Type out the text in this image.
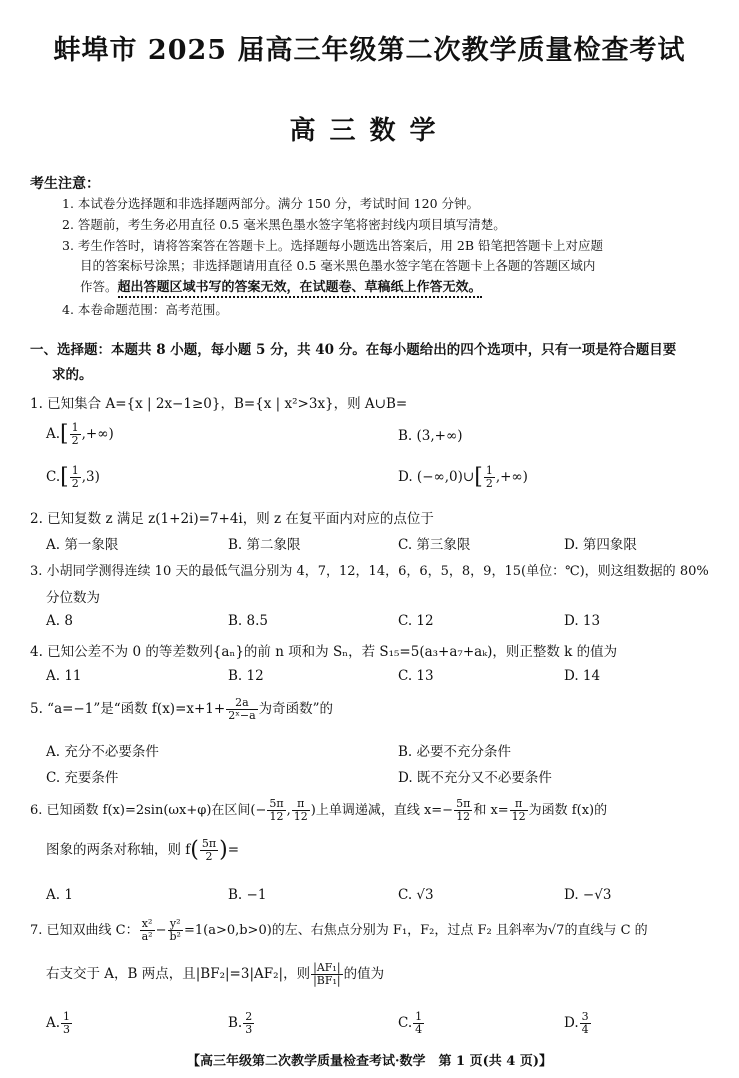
蚌埠市 2025 届高三年级第二次教学质量检查考试
高三数学
考生注意：
1. 本试卷分选择题和非选择题两部分。满分 150 分，考试时间 120 分钟。
2. 答题前，考生务必用直径 0.5 毫米黑色墨水签字笔将密封线内项目填写清楚。
3. 考生作答时，请将答案答在答题卡上。选择题每小题选出答案后，用 2B 铅笔把答题卡上对应题
目的答案标号涂黑；非选择题请用直径 0.5 毫米黑色墨水签字笔在答题卡上各题的答题区域内
作答。超出答题区域书写的答案无效，在试题卷、草稿纸上作答无效。
4. 本卷命题范围：高考范围。
一、选择题：本题共 8 小题，每小题 5 分，共 40 分。在每小题给出的四个选项中，只有一项是符合题目要
求的。
1. 已知集合 A={x | 2x−1≥0}，B={x | x²>3x}，则 A∪B=
$A.[ \frac{1}{2}$ ,+∞)	B. (3,+∞)
$C.[ \frac{1}{2} ,3)$	D. (−∞,0)∪[ $\frac{1}{2}$ ,+∞)
2. 已知复数 z 满足 z(1+2i)=7+4i，则 z 在复平面内对应的点位于
A. 第一象限	B. 第二象限	C. 第三象限	D. 第四象限
3. 小胡同学测得连续 10 天的最低气温分别为 4，7，12，14，6，6，5，8，9，15(单位：℃)，则这组数据的 80%
分位数为
A. 8	B. 8.5	C. 12	D. 13
4. 已知公差不为 0 的等差数列{aₙ}的前 n 项和为 Sₙ，若 S₁₅=5(a₃+a₇+aₖ)，则正整数 k 的值为
A. 11	B. 12	C. 13	D. 14
5. “a=−1”是“函数 $f(x)=x+1+ \frac{2a}{\text{2ˣ−a}}$ 为奇函数”的
A. 充分不必要条件	B. 必要不充分条件
C. 充要条件	D. 既不充分又不必要条件
6. 已知函数 f(x)=2sin(ωx+φ)在区间(− $\frac{5\pi}{12}$ , $\frac{\pi}{12}$ )上单调递减，直线 $x=- \frac{5\pi}{12}$ 和 $x= \frac{\pi}{12}$ 为函数 f(x)的
图象的两条对称轴，则 $f( \frac{5\pi}{2}$ )=
A. 1	B. −1	C. √3	D. −√3
7. 已知双曲线 C： $\frac{\text{x²}}{\text{a²}} - \frac{\text{y²}}{\text{b²}} =1(a>0,b>0)$的左、右焦点分别为 F₁，F₂，过点 F₂ 且斜率为√7的直线与 C 的
右支交于 A，B 两点，且|BF₂|=3|AF₂|，则 $\frac{\text{|AF₁|}}{\text{|BF₁|}}$ 的值为
A. $\frac{1}{3}$	B. $\frac{2}{3}$	C. $\frac{1}{4}$	D. $\frac{3}{4}$
【高三年级第二次教学质量检查考试·数学　第 1 页(共 4 页)】
